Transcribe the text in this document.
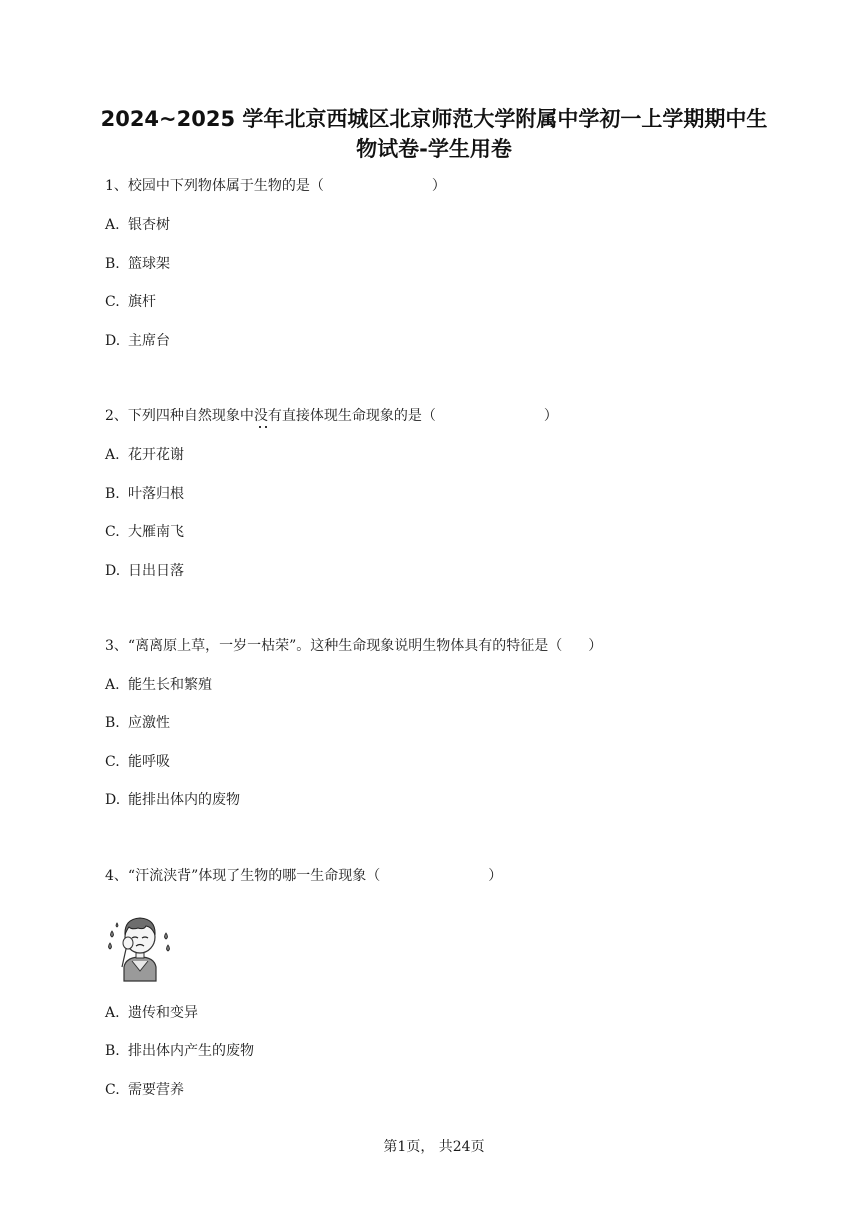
2024~2025 学年北京西城区北京师范大学附属中学初一上学期期中生
物试卷-学生用卷
1、校园中下列物体属于生物的是（	）
A. 银杏树
B. 篮球架
C. 旗杆
D. 主席台
2、下列四种自然现象中没有直接体现生命现象的是（	）
A. 花开花谢
B. 叶落归根
C. 大雁南飞
D. 日出日落
3、“离离原上草，一岁一枯荣”。这种生命现象说明生物体具有的特征是（ ）
A. 能生长和繁殖
B. 应激性
C. 能呼吸
D. 能排出体内的废物
4、“汗流浃背”体现了生物的哪一生命现象（	）
A. 遗传和变异
B. 排出体内产生的废物
C. 需要营养
第1页， 共24页
